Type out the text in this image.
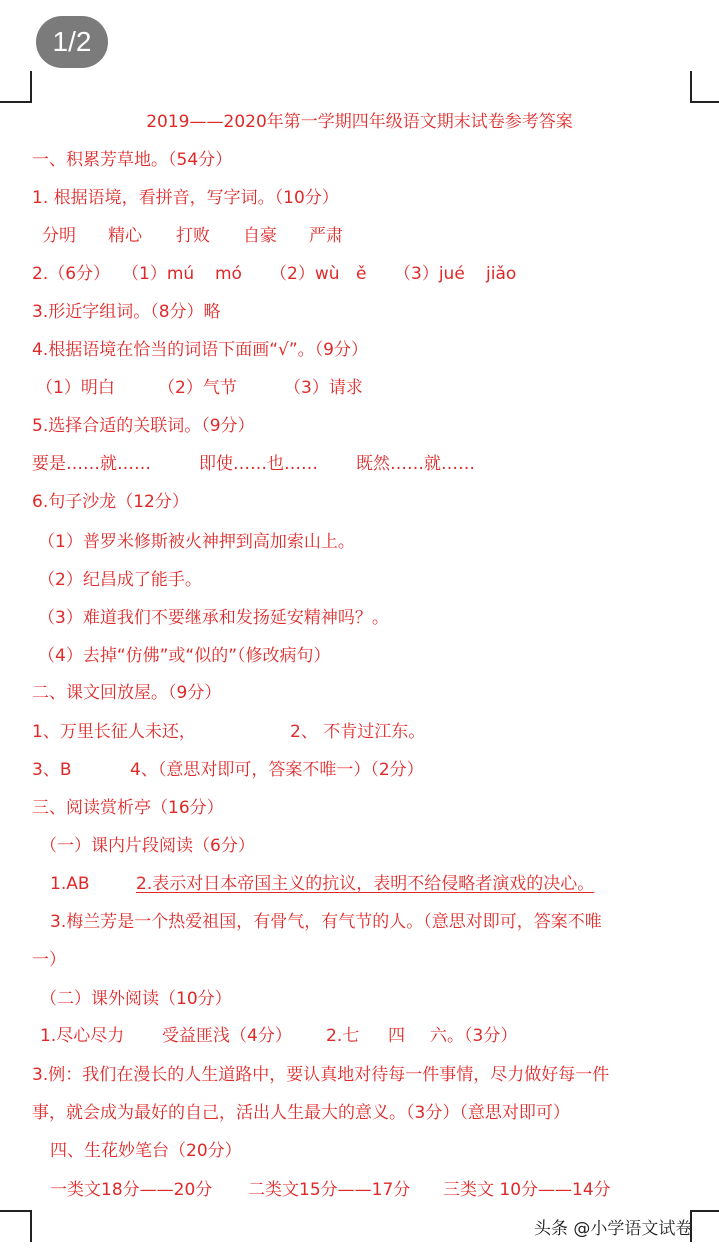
1/2
2019——2020年第一学期四年级语文期末试卷参考答案
一、积累芳草地。（54分）
1. 根据语境，看拼音，写字词。（10分）
分明 精心 打败 自豪 严肃
2.（6分） （1）mú mó （2）wù ě （3）jué jiǎo
3.形近字组词。（8分）略
4.根据语境在恰当的词语下面画“√”。（9分）
（1）明白	（2）气节	（3）请求
5.选择合适的关联词。（9分）
要是……就……	即使……也…… 既然……就……
6.句子沙龙（12分）
（1）普罗米修斯被火神押到高加索山上。
（2）纪昌成了能手。
（3）难道我们不要继承和发扬延安精神吗？。
（4）去掉“仿佛”或“似的”（修改病句）
二、课文回放屋。（9分）
1、万里长征人未还，	2、 不肯过江东。
3、B	4、（意思对即可，答案不唯一）（2分）
三、阅读赏析亭（16分）
（一）课内片段阅读（6分）
1.AB	2.表示对日本帝国主义的抗议，表明不给侵略者演戏的决心。
3.梅兰芳是一个热爱祖国，有骨气，有气节的人。（意思对即可，答案不唯
一）
（二）课外阅读（10分）
1.尽心尽力 受益匪浅（4分） 2.七 四 六。（3分）
3.例：我们在漫长的人生道路中，要认真地对待每一件事情，尽力做好每一件
事，就会成为最好的自己，活出人生最大的意义。（3分）（意思对即可）
四、生花妙笔台（20分）
一类文18分——20分 二类文15分——17分 三类文 10分——14分
头条 @小学语文试卷
